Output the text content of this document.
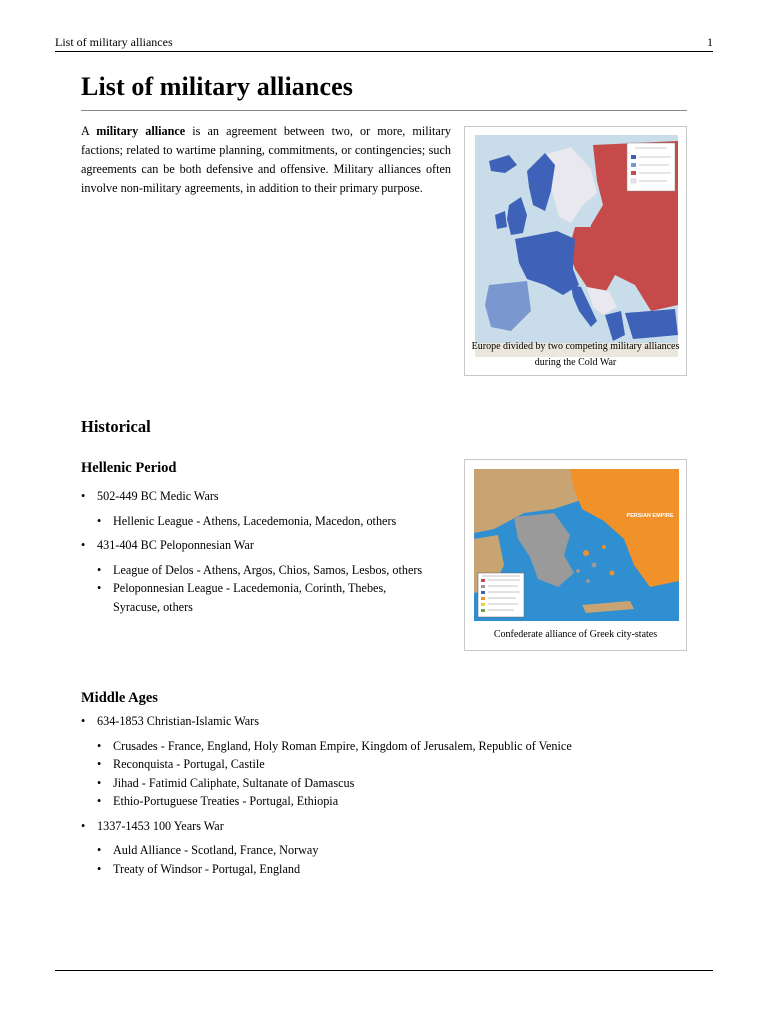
List of military alliances	1
List of military alliances

A military alliance is an agreement between two, or more, military factions; related to wartime planning, commitments, or contingencies; such agreements can be both defensive and offensive. Military alliances often involve non-military agreements, in addition to their primary purpose.

Europe divided by two competing military alliances during the Cold War
Historical
Hellenic Period
PERSIAN EMPIRE
Confederate alliance of Greek city-states
• 502-449 BC Medic Wars
• Hellenic League - Athens, Lacedemonia, Macedon, others
• 431-404 BC Peloponnesian War
• League of Delos - Athens, Argos, Chios, Samos, Lesbos, others
• Peloponnesian League - Lacedemonia, Corinth, Thebes, Syracuse, others
Middle Ages
• 634-1853 Christian-Islamic Wars
• Crusades - France, England, Holy Roman Empire, Kingdom of Jerusalem, Republic of Venice
• Reconquista - Portugal, Castile
• Jihad - Fatimid Caliphate, Sultanate of Damascus
• Ethio-Portuguese Treaties - Portugal, Ethiopia
• 1337-1453 100 Years War
• Auld Alliance - Scotland, France, Norway
• Treaty of Windsor - Portugal, England
